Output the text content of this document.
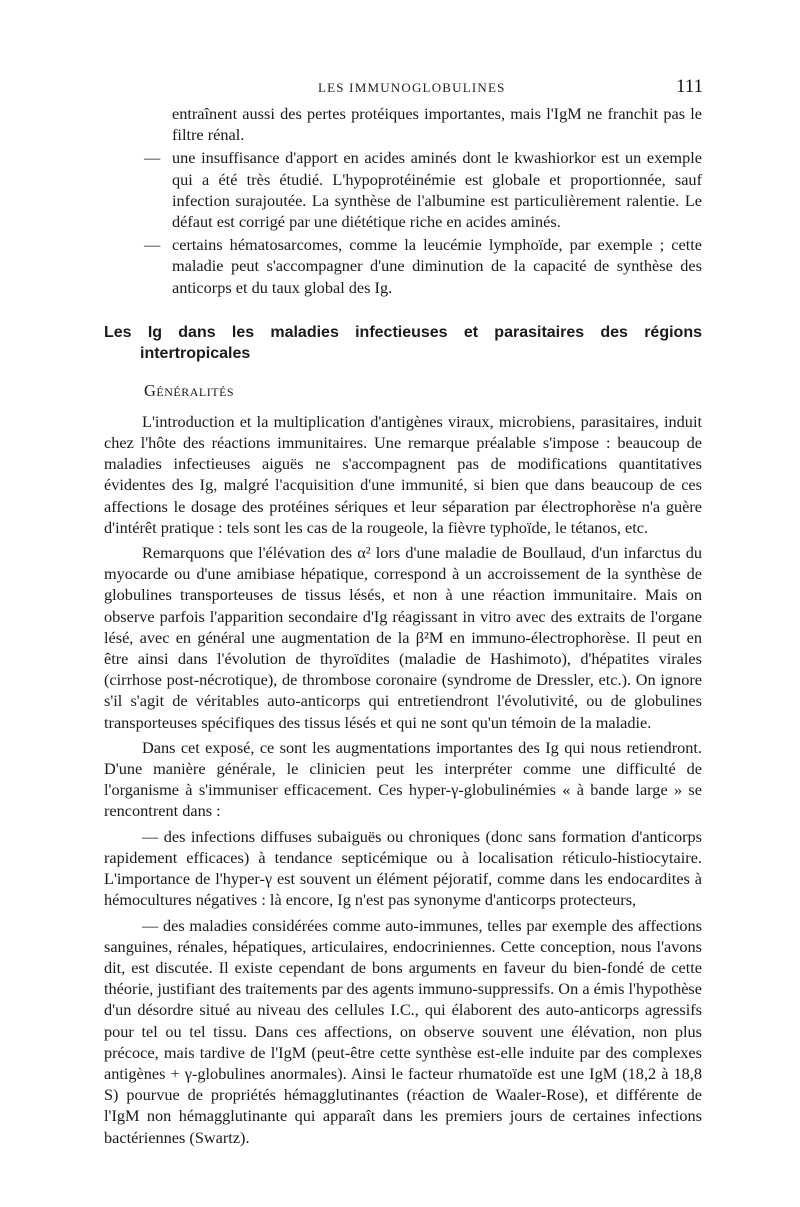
LES IMMUNOGLOBULINES	111

entraînent aussi des pertes protéiques importantes, mais l'IgM ne franchit pas le filtre rénal.

— une insuffisance d'apport en acides aminés dont le kwashiorkor est un exemple qui a été très étudié. L'hypoprotéinémie est globale et proportionnée, sauf infection surajoutée. La synthèse de l'albumine est particulièrement ralentie. Le défaut est corrigé par une diététique riche en acides aminés.

— certains hématosarcomes, comme la leucémie lymphoïde, par exemple ; cette maladie peut s'accompagner d'une diminution de la capacité de synthèse des anticorps et du taux global des Ig.

Les Ig dans les maladies infectieuses et parasitaires des régions intertropicales
Généralités

L'introduction et la multiplication d'antigènes viraux, microbiens, parasitaires, induit chez l'hôte des réactions immunitaires. Une remarque préalable s'impose : beaucoup de maladies infectieuses aiguës ne s'accompagnent pas de modifications quantitatives évidentes des Ig, malgré l'acquisition d'une immunité, si bien que dans beaucoup de ces affections le dosage des protéines sériques et leur séparation par électrophorèse n'a guère d'intérêt pratique : tels sont les cas de la rougeole, la fièvre typhoïde, le tétanos, etc.

Remarquons que l'élévation des α² lors d'une maladie de Boullaud, d'un infarctus du myocarde ou d'une amibiase hépatique, correspond à un accroissement de la synthèse de globulines transporteuses de tissus lésés, et non à une réaction immunitaire. Mais on observe parfois l'apparition secondaire d'Ig réagissant in vitro avec des extraits de l'organe lésé, avec en général une augmentation de la β²M en immuno-électrophorèse. Il peut en être ainsi dans l'évolution de thyroïdites (maladie de Hashimoto), d'hépatites virales (cirrhose post-nécrotique), de thrombose coronaire (syndrome de Dressler, etc.). On ignore s'il s'agit de véritables auto-anticorps qui entretiendront l'évolutivité, ou de globulines transporteuses spécifiques des tissus lésés et qui ne sont qu'un témoin de la maladie.

Dans cet exposé, ce sont les augmentations importantes des Ig qui nous retiendront. D'une manière générale, le clinicien peut les interpréter comme une difficulté de l'organisme à s'immuniser efficacement. Ces hyper-γ-globulinémies « à bande large » se rencontrent dans :

— des infections diffuses subaiguës ou chroniques (donc sans formation d'anticorps rapidement efficaces) à tendance septicémique ou à localisation réticulo-histiocytaire. L'importance de l'hyper-γ est souvent un élément péjoratif, comme dans les endocardites à hémocultures négatives : là encore, Ig n'est pas synonyme d'anticorps protecteurs,

— des maladies considérées comme auto-immunes, telles par exemple des affections sanguines, rénales, hépatiques, articulaires, endocriniennes. Cette conception, nous l'avons dit, est discutée. Il existe cependant de bons arguments en faveur du bien-fondé de cette théorie, justifiant des traitements par des agents immuno-suppressifs. On a émis l'hypothèse d'un désordre situé au niveau des cellules I.C., qui élaborent des auto-anticorps agressifs pour tel ou tel tissu. Dans ces affections, on observe souvent une élévation, non plus précoce, mais tardive de l'IgM (peut-être cette synthèse est-elle induite par des complexes antigènes + γ-globulines anormales). Ainsi le facteur rhumatoïde est une IgM (18,2 à 18,8 S) pourvue de propriétés hémagglutinantes (réaction de Waaler-Rose), et différente de l'IgM non hémagglutinante qui apparaît dans les premiers jours de certaines infections bactériennes (Swartz).
